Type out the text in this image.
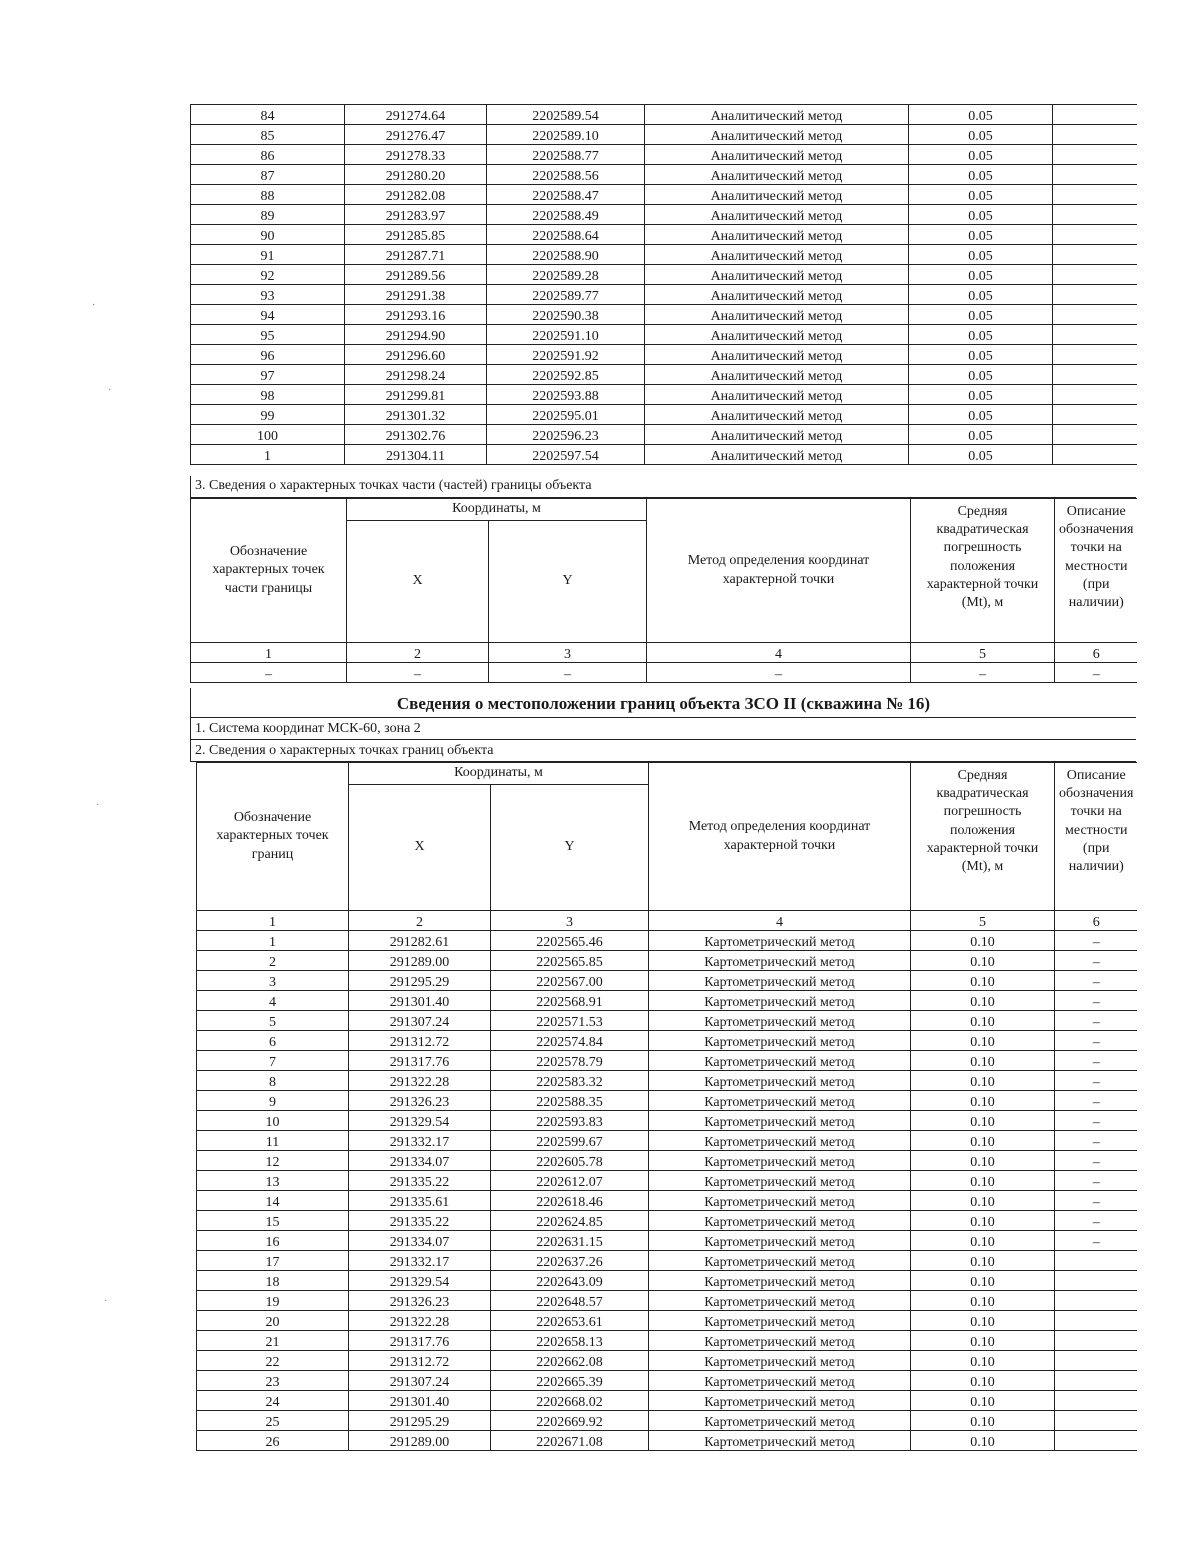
84	291274.64	2202589.54	Аналитический метод	0.05	
85	291276.47	2202589.10	Аналитический метод	0.05	
86	291278.33	2202588.77	Аналитический метод	0.05	
87	291280.20	2202588.56	Аналитический метод	0.05	
88	291282.08	2202588.47	Аналитический метод	0.05	
89	291283.97	2202588.49	Аналитический метод	0.05	
90	291285.85	2202588.64	Аналитический метод	0.05	
91	291287.71	2202588.90	Аналитический метод	0.05	
92	291289.56	2202589.28	Аналитический метод	0.05	
93	291291.38	2202589.77	Аналитический метод	0.05	
94	291293.16	2202590.38	Аналитический метод	0.05	
95	291294.90	2202591.10	Аналитический метод	0.05	
96	291296.60	2202591.92	Аналитический метод	0.05	
97	291298.24	2202592.85	Аналитический метод	0.05	
98	291299.81	2202593.88	Аналитический метод	0.05	
99	291301.32	2202595.01	Аналитический метод	0.05	
100	291302.76	2202596.23	Аналитический метод	0.05	
1	291304.11	2202597.54	Аналитический метод	0.05	
3. Сведения о характерных точках части (частей) границы объекта
Обозначение характерных точек части границы	Координаты, м		Метод определения координат характерной точки	Средняя квадратическая погрешность положения характерной точки (Mt), м	Описание обозначения точки на местности (при наличии)
	X	Y			
1	2	3	4	5	6
–	–	–	–	–	–
Сведения о местоположении границ объекта ЗСО II (скважина № 16)
1. Система координат МСК-60, зона 2
2. Сведения о характерных точках границ объекта
Обозначение характерных точек границ	Координаты, м		Метод определения координат характерной точки	Средняя квадратическая погрешность положения характерной точки (Mt), м	Описание обозначения точки на местности (при наличии)
	X	Y			
1	2	3	4	5	6
1	291282.61	2202565.46	Картометрический метод	0.10	–
2	291289.00	2202565.85	Картометрический метод	0.10	–
3	291295.29	2202567.00	Картометрический метод	0.10	–
4	291301.40	2202568.91	Картометрический метод	0.10	–
5	291307.24	2202571.53	Картометрический метод	0.10	–
6	291312.72	2202574.84	Картометрический метод	0.10	–
7	291317.76	2202578.79	Картометрический метод	0.10	–
8	291322.28	2202583.32	Картометрический метод	0.10	–
9	291326.23	2202588.35	Картометрический метод	0.10	–
10	291329.54	2202593.83	Картометрический метод	0.10	–
11	291332.17	2202599.67	Картометрический метод	0.10	–
12	291334.07	2202605.78	Картометрический метод	0.10	–
13	291335.22	2202612.07	Картометрический метод	0.10	–
14	291335.61	2202618.46	Картометрический метод	0.10	–
15	291335.22	2202624.85	Картометрический метод	0.10	–
16	291334.07	2202631.15	Картометрический метод	0.10	–
17	291332.17	2202637.26	Картометрический метод	0.10	
18	291329.54	2202643.09	Картометрический метод	0.10	
19	291326.23	2202648.57	Картометрический метод	0.10	
20	291322.28	2202653.61	Картометрический метод	0.10	
21	291317.76	2202658.13	Картометрический метод	0.10	
22	291312.72	2202662.08	Картометрический метод	0.10	
23	291307.24	2202665.39	Картометрический метод	0.10	
24	291301.40	2202668.02	Картометрический метод	0.10	
25	291295.29	2202669.92	Картометрический метод	0.10	
26	291289.00	2202671.08	Картометрический метод	0.10	
·
·
·
·
